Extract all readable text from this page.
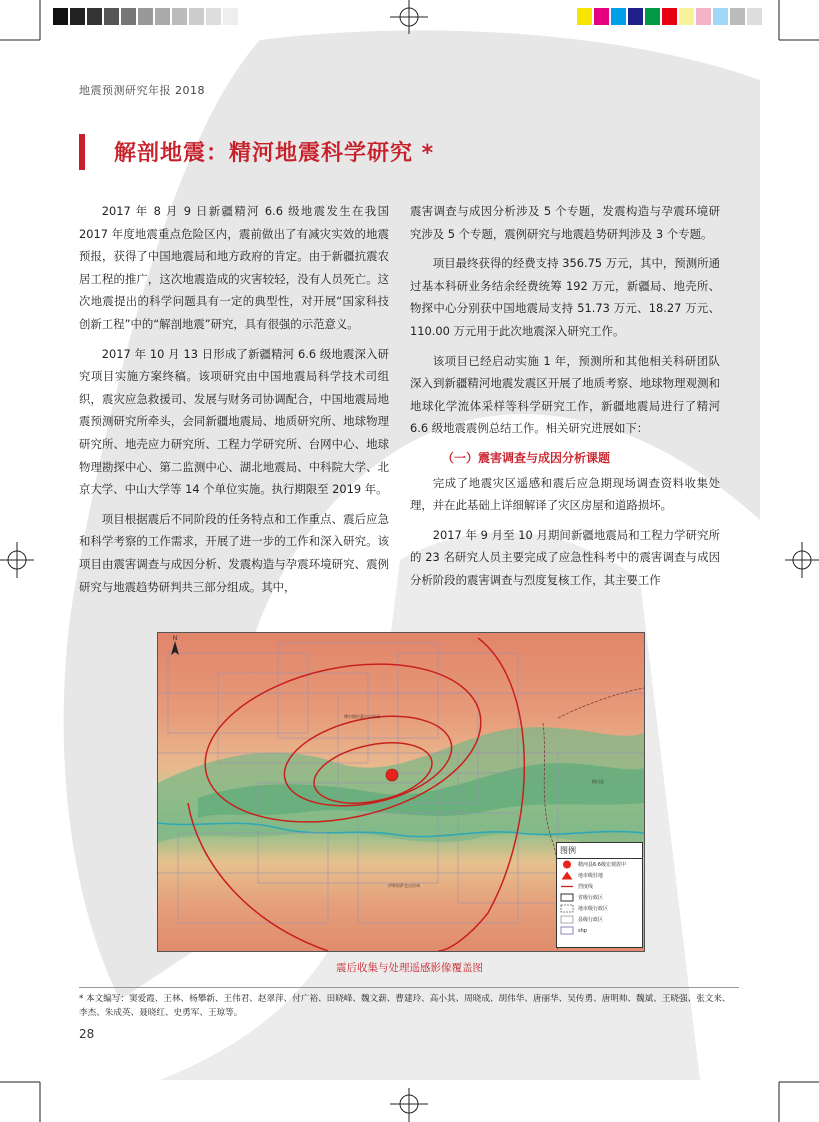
地震预测研究年报 2018
解剖地震：精河地震科学研究 *

2017 年 8 月 9 日新疆精河 6.6 级地震发生在我国 2017 年度地震重点危险区内，震前做出了有减灾实效的地震预报，获得了中国地震局和地方政府的肯定。由于新疆抗震农居工程的推广，这次地震造成的灾害较轻，没有人员死亡。这次地震提出的科学问题具有一定的典型性，对开展“国家科技创新工程”中的“解剖地震”研究，具有很强的示范意义。

2017 年 10 月 13 日形成了新疆精河 6.6 级地震深入研究项目实施方案终稿。该项研究由中国地震局科学技术司组织，震灾应急救援司、发展与财务司协调配合，中国地震局地震预测研究所牵头，会同新疆地震局、地质研究所、地球物理研究所、地壳应力研究所、工程力学研究所、台网中心、地球物理勘探中心、第二监测中心、湖北地震局、中科院大学、北京大学、中山大学等 14 个单位实施。执行期限至 2019 年。

项目根据震后不同阶段的任务特点和工作重点、震后应急和科学考察的工作需求，开展了进一步的工作和深入研究。该项目由震害调查与成因分析、发震构造与孕震环境研究、震例研究与地震趋势研判共三部分组成。其中，

震害调查与成因分析涉及 5 个专题，发震构造与孕震环境研究涉及 5 个专题，震例研究与地震趋势研判涉及 3 个专题。

项目最终获得的经费支持 356.75 万元，其中，预测所通过基本科研业务结余经费统筹 192 万元，新疆局、地壳所、物探中心分别获中国地震局支持 51.73 万元、18.27 万元、110.00 万元用于此次地震深入研究工作。

该项目已经启动实施 1 年，预测所和其他相关科研团队深入到新疆精河地震发震区开展了地质考察、地球物理观测和地球化学流体采样等科学研究工作，新疆地震局进行了精河 6.6 级地震震例总结工作。相关研究进展如下：

（一）震害调查与成因分析课题

完成了地震灾区遥感和震后应急期现场调查资料收集处理，并在此基础上详细解译了灾区房屋和道路损坏。

2017 年 9 月至 10 月期间新疆地震局和工程力学研究所的 23 名研究人员主要完成了应急性科考中的震害调查与成因分析阶段的震害调查与烈度复核工作，其主要工作

N
博尔塔拉蒙古自治州
精河县
伊犁哈萨克自治州
图例
精河县6.6级宏观震中
地市级驻地
烈度线
省级行政区
地市级行政区
县级行政区
shp
震后收集与处理遥感影像覆盖图
* 本文编写：窦爱霞、王林、杨攀新、王伟君、赵翠萍、付广裕、田晓峰、魏文薪、曹建玲、高小其、周晓成、胡伟华、唐丽华、吴传勇、唐明帅、魏斌、王晓强、张文来、李杰、朱成英、聂晓红、史勇军、王琼等。
28
